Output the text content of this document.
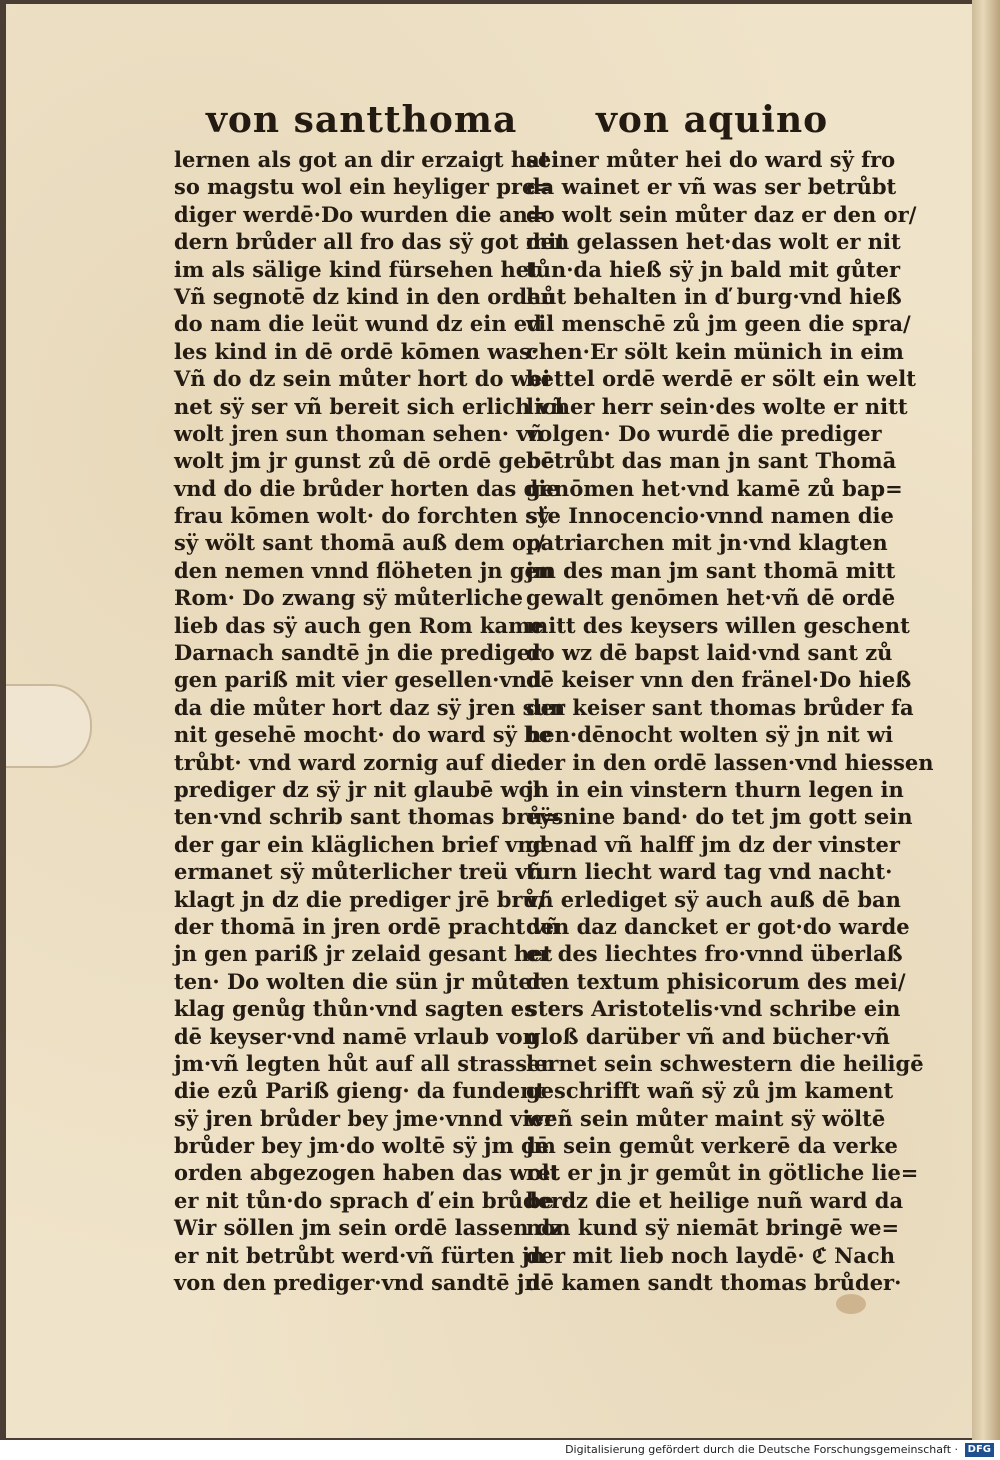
von santthoma von aquino
lernen als got an dir erzaigt hat
so magstu wol ein heyliger pre=
diger werdē·Do wurden die an=
dern brůder all fro das sÿ got mit
im als sälige kind fürsehen het
Vñ segnotē dz kind in den orden
do nam die leüt wund dz ein ed
les kind in dē ordē kōmen was·
Vñ do dz sein můter hort do wei
net sÿ ser vñ bereit sich erlich vñ
wolt jren sun thoman sehen· vñ
wolt jm jr gunst zů dē ordē gebē
vnd do die brůder horten das die
frau kōmen wolt· do forchten sÿ
sÿ wölt sant thomā auß dem or/
den nemen vnnd flöheten jn gen
Rom· Do zwang sÿ můterliche
lieb das sÿ auch gen Rom kame
Darnach sandtē jn die prediger
gen pariß mit vier gesellen·vnd
da die můter hort daz sÿ jren sun
nit gesehē mocht· do ward sÿ be
trůbt· vnd ward zornig auf die
prediger dz sÿ jr nit glaubē wol
ten·vnd schrib sant thomas brů=
der gar ein kläglichen brief vnd
ermanet sÿ můterlicher treü vñ
klagt jn dz die prediger jrē brů/
der thomā in jren ordē pracht vñ
jn gen pariß jr zelaid gesant het
ten· Do wolten die sün jr můter
klag genůg thůn·vnd sagten es
dē keyser·vnd namē vrlaub von
jm·vñ legten hůt auf all strassen
die ezů Pariß gieng· da fundent
sÿ jren brůder bey jme·vnnd vier
brůder bey jm·do woltē sÿ jm dē
orden abgezogen haben das wolt
er nit tůn·do sprach ď ein brůder·
Wir söllen jm sein ordē lassen dz
er nit betrůbt werd·vñ fürten jn
von den prediger·vnd sandtē jn
seiner můter hei do ward sÿ fro
da wainet er vñ was ser betrůbt
do wolt sein můter daz er den or/
den gelassen het·das wolt er nit
tůn·da hieß sÿ jn bald mit gůter
hůt behalten in ď burg·vnd hieß
vil menschē zů jm geen die spra/
chen·Er sölt kein münich in eim
bettel ordē werdē er sölt ein welt
licher herr sein·des wolte er nitt
volgen· Do wurdē die prediger
betrůbt das man jn sant Thomā
genōmen het·vnd kamē zů bap=
ste Innocencio·vnnd namen die
patriarchen mit jn·vnd klagten
jm des man jm sant thomā mitt
gewalt genōmen het·vñ dē ordē
mitt des keysers willen geschent
do wz dē bapst laid·vnd sant zů
dē keiser vnn den fränel·Do hieß
der keiser sant thomas brůder fa
hen·dēnocht wolten sÿ jn nit wi
der in den ordē lassen·vnd hiessen
jn in ein vinstern thurn legen in
eÿsnine band· do tet jm gott sein
genad vñ halff jm dz der vinster
turn liecht ward tag vnd nacht·
vñ erlediget sÿ auch auß dē ban
den daz dancket er got·do warde
er des liechtes fro·vnnd überlaß
den textum phisicorum des mei/
sters Aristotelis·vnd schribe ein
gloß darüber vñ and bücher·vñ
lernet sein schwestern die heiligē
geschrifft wañ sÿ zů jm kament
weñ sein můter maint sÿ wöltē
jm sein gemůt verkerē da verke
ret er jn jr gemůt in götliche lie=
be dz die et heilige nuñ ward da
non kund sÿ niemāt bringē we=
der mit lieb noch laydē· ℭ Nach
dē kamen sandt thomas brůder·
Digitalisierung gefördert durch die Deutsche Forschungsgemeinschaft · DFG
